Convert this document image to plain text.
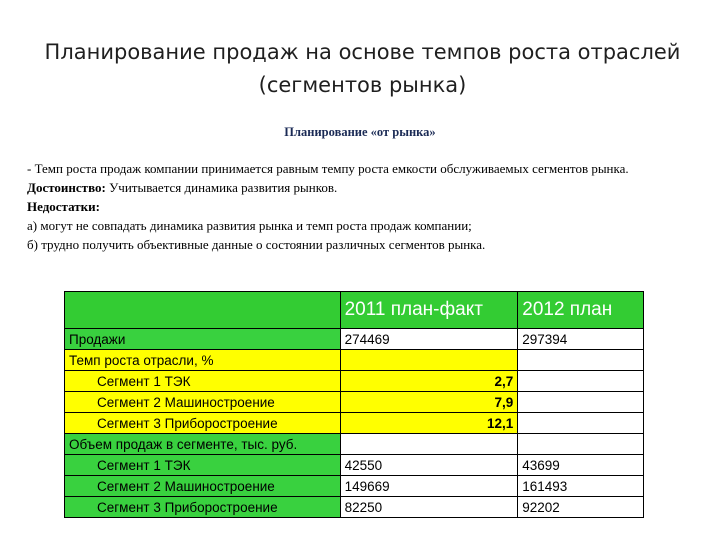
Планирование продаж на основе темпов роста отраслей (сегментов рынка)
Планирование «от рынка»

- Темп роста продаж компании принимается равным темпу роста емкости обслуживаемых сегментов рынка.

Достоинство: Учитывается динамика развития рынков.

Недостатки:

а) могут не совпадать динамика развития рынка и темп роста продаж компании;

б) трудно получить объективные данные о состоянии различных сегментов рынка.

	2011 план-факт	2012 план
Продажи	274469	297394
Темп роста отрасли, %		
Сегмент 1 ТЭК	2,7	
Сегмент 2 Машиностроение	7,9	
Сегмент 3 Приборостроение	12,1	
Объем продаж в сегменте, тыс. руб.		
Сегмент 1 ТЭК	42550	43699
Сегмент 2 Машиностроение	149669	161493
Сегмент 3 Приборостроение	82250	92202
